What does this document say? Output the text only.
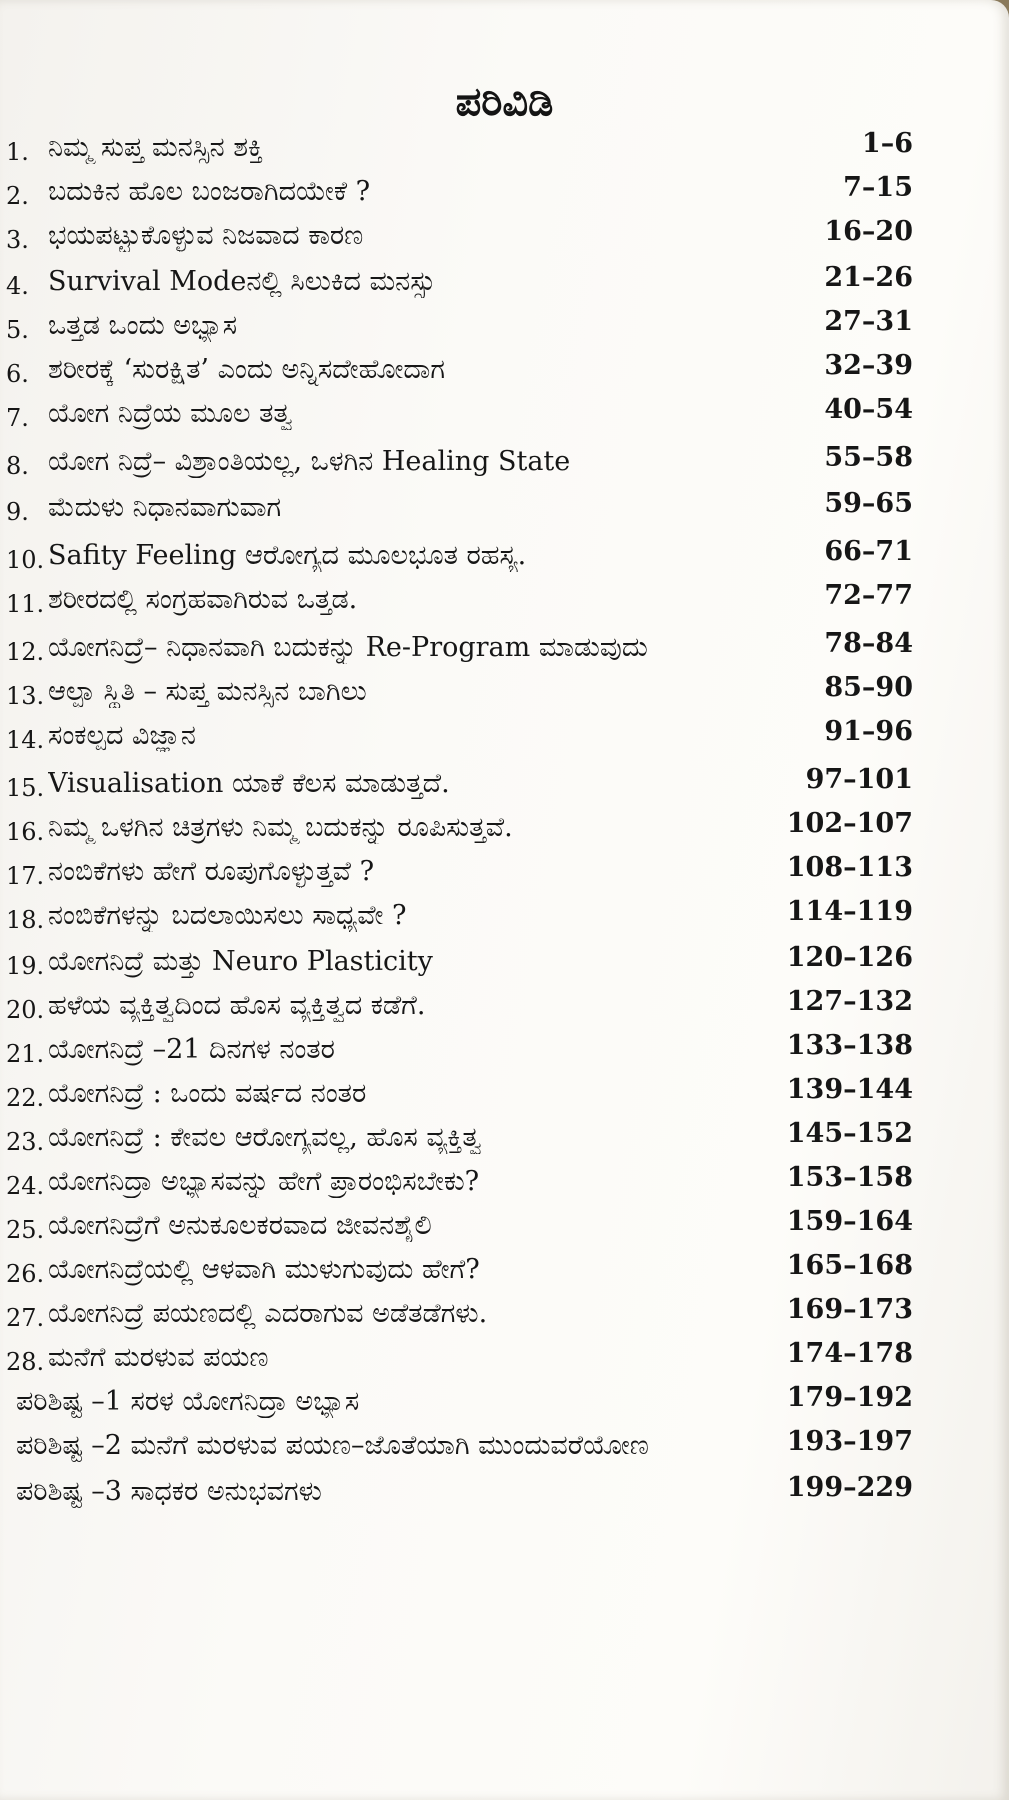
ಪರಿವಿಡಿ
1. ನಿಮ್ಮ ಸುಪ್ತ ಮನಸ್ಸಿನ ಶಕ್ತಿ	1–6
2. ಬದುಕಿನ ಹೊಲ ಬಂಜರಾಗಿದಯೇಕೆ ?	7–15
3. ಭಯಪಟ್ಟುಕೊಳ್ಳುವ ನಿಜವಾದ ಕಾರಣ	16–20
4. Survival Modeನಲ್ಲಿ ಸಿಲುಕಿದ ಮನಸ್ಸು	21–26
5. ಒತ್ತಡ ಒಂದು ಅಭ್ಯಾಸ	27–31
6. ಶರೀರಕ್ಕೆ ‘ಸುರಕ್ಷಿತ’ ಎಂದು ಅನ್ನಿಸದೇಹೋದಾಗ	32–39
7. ಯೋಗ ನಿದ್ರೆಯ ಮೂಲ ತತ್ವ	40–54
8. ಯೋಗ ನಿದ್ರೆ– ವಿಶ್ರಾಂತಿಯಲ್ಲ, ಒಳಗಿನ Healing State	55–58
9. ಮೆದುಳು ನಿಧಾನವಾಗುವಾಗ	59–65
10. Safity Feeling ಆರೋಗ್ಯದ ಮೂಲಭೂತ ರಹಸ್ಯ.	66–71
11. ಶರೀರದಲ್ಲಿ ಸಂಗ್ರಹವಾಗಿರುವ ಒತ್ತಡ.	72–77
12. ಯೋಗನಿದ್ರೆ– ನಿಧಾನವಾಗಿ ಬದುಕನ್ನು Re-Program ಮಾಡುವುದು	78–84
13. ಆಲ್ಫಾ ಸ್ಥಿತಿ – ಸುಪ್ತ ಮನಸ್ಸಿನ ಬಾಗಿಲು	85–90
14. ಸಂಕಲ್ಪದ ವಿಜ್ಞಾನ	91–96
15. Visualisation ಯಾಕೆ ಕೆಲಸ ಮಾಡುತ್ತದೆ.	97–101
16. ನಿಮ್ಮ ಒಳಗಿನ ಚಿತ್ರಗಳು ನಿಮ್ಮ ಬದುಕನ್ನು ರೂಪಿಸುತ್ತವೆ.	102–107
17. ನಂಬಿಕೆಗಳು ಹೇಗೆ ರೂಪುಗೊಳ್ಳುತ್ತವೆ ?	108–113
18. ನಂಬಿಕೆಗಳನ್ನು ಬದಲಾಯಿಸಲು ಸಾಧ್ಯವೇ ?	114–119
19. ಯೋಗನಿದ್ರೆ ಮತ್ತು Neuro Plasticity	120–126
20. ಹಳೆಯ ವ್ಯಕ್ತಿತ್ವದಿಂದ ಹೊಸ ವ್ಯಕ್ತಿತ್ವದ ಕಡೆಗೆ.	127–132
21. ಯೋಗನಿದ್ರೆ –21 ದಿನಗಳ ನಂತರ	133–138
22. ಯೋಗನಿದ್ರೆ : ಒಂದು ವರ್ಷದ ನಂತರ	139–144
23. ಯೋಗನಿದ್ರೆ : ಕೇವಲ ಆರೋಗ್ಯವಲ್ಲ, ಹೊಸ ವ್ಯಕ್ತಿತ್ವ	145–152
24. ಯೋಗನಿದ್ರಾ ಅಭ್ಯಾಸವನ್ನು ಹೇಗೆ ಪ್ರಾರಂಭಿಸಬೇಕು?	153–158
25. ಯೋಗನಿದ್ರೆಗೆ ಅನುಕೂಲಕರವಾದ ಜೀವನಶೈಲಿ	159–164
26. ಯೋಗನಿದ್ರೆಯಲ್ಲಿ ಆಳವಾಗಿ ಮುಳುಗುವುದು ಹೇಗೆ?	165–168
27. ಯೋಗನಿದ್ರೆ ಪಯಣದಲ್ಲಿ ಎದರಾಗುವ ಅಡೆತಡೆಗಳು.	169–173
28. ಮನೆಗೆ ಮರಳುವ ಪಯಣ	174–178
ಪರಿಶಿಷ್ಟ –1 ಸರಳ ಯೋಗನಿದ್ರಾ ಅಭ್ಯಾಸ	179–192
ಪರಿಶಿಷ್ಟ –2 ಮನೆಗೆ ಮರಳುವ ಪಯಣ–ಜೊತೆಯಾಗಿ ಮುಂದುವರೆಯೋಣ	193–197
ಪರಿಶಿಷ್ಟ –3 ಸಾಧಕರ ಅನುಭವಗಳು	199–229
